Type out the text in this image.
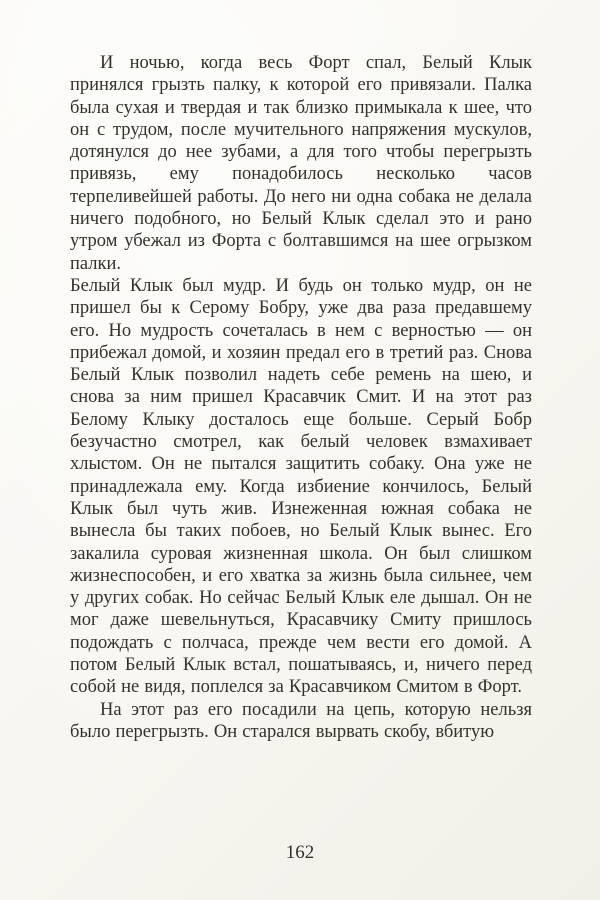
И ночью, когда весь Форт спал, Белый Клык принялся грызть палку, к которой его привязали. Палка была сухая и твердая и так близко примыкала к шее, что он с трудом, после мучительного напряжения мускулов, дотянулся до нее зубами, а для того чтобы перегрызть привязь, ему понадобилось несколько часов терпеливейшей работы. До него ни одна собака не делала ничего подобного, но Белый Клык сделал это и рано утром убежал из Форта с болтавшимся на шее огрызком палки.

Белый Клык был мудр. И будь он только мудр, он не пришел бы к Серому Бобру, уже два раза предавшему его. Но мудрость сочеталась в нем с верностью — он прибежал домой, и хозяин предал его в третий раз. Снова Белый Клык позволил надеть себе ремень на шею, и снова за ним пришел Красавчик Смит. И на этот раз Белому Клыку досталось еще больше. Серый Бобр безучастно смотрел, как белый человек взмахивает хлыстом. Он не пытался защитить собаку. Она уже не принадлежала ему. Когда избиение кончилось, Белый Клык был чуть жив. Изнеженная южная собака не вынесла бы таких побоев, но Белый Клык вынес. Его закалила суровая жизненная школа. Он был слишком жизнеспособен, и его хватка за жизнь была сильнее, чем у других собак. Но сейчас Белый Клык еле дышал. Он не мог даже шевельнуться, Красавчику Смиту пришлось подождать с полчаса, прежде чем вести его домой. А потом Белый Клык встал, пошатываясь, и, ничего перед собой не видя, поплелся за Красавчиком Смитом в Форт.

На этот раз его посадили на цепь, которую нельзя было перегрызть. Он старался вырвать скобу, вбитую

162
